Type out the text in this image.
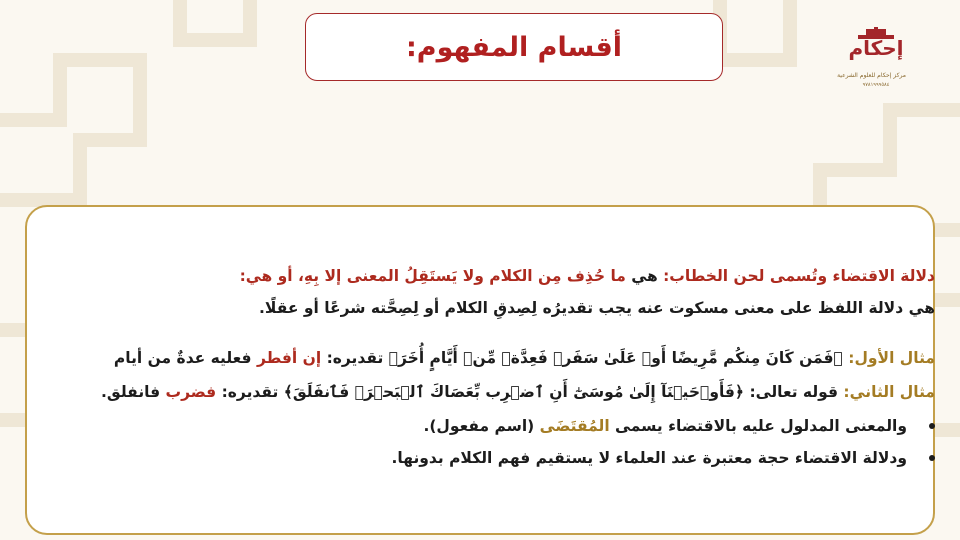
أقسام المفهوم:	إحكام
مركز إحكام للعلوم الشرعية
٩٧٨١٩٩٩٥٨٤
دلالة الاقتضاء وتُسمى لحن الخطاب: هي ما حُذِف مِن الكلام ولا يَستَقِلُ المعنى إلا بِهِ، أو هي:
هي دلالة اللفظ على معنى مسكوت عنه يجب تقديرُه لِصِدقِ الكلام أو لِصِحَّته شرعًا أو عقلًا.
مثال الأول: ﴿فَمَن كَانَ مِنكُم مَّرِيضًا أَوۡ عَلَىٰ سَفَرٖ فَعِدَّةٞ مِّنۡ أَيَّامٍ أُخَرَ﴾ تقديره: إن أفطر فعليه عدةٌ من أيام
مثال الثاني: قوله تعالى: ﴿فَأَوۡحَيۡنَآ إِلَىٰ مُوسَىٰٓ أَنِ ٱضۡرِب بِّعَصَاكَ ٱلۡبَحۡرَۖ فَٱنفَلَقَ﴾ تقديره: فضرب فانفلق.
والمعنى المدلول عليه بالاقتضاء يسمى المُقتَضَى (اسم مفعول).
ودلالة الاقتضاء حجة معتبرة عند العلماء لا يستقيم فهم الكلام بدونها.
